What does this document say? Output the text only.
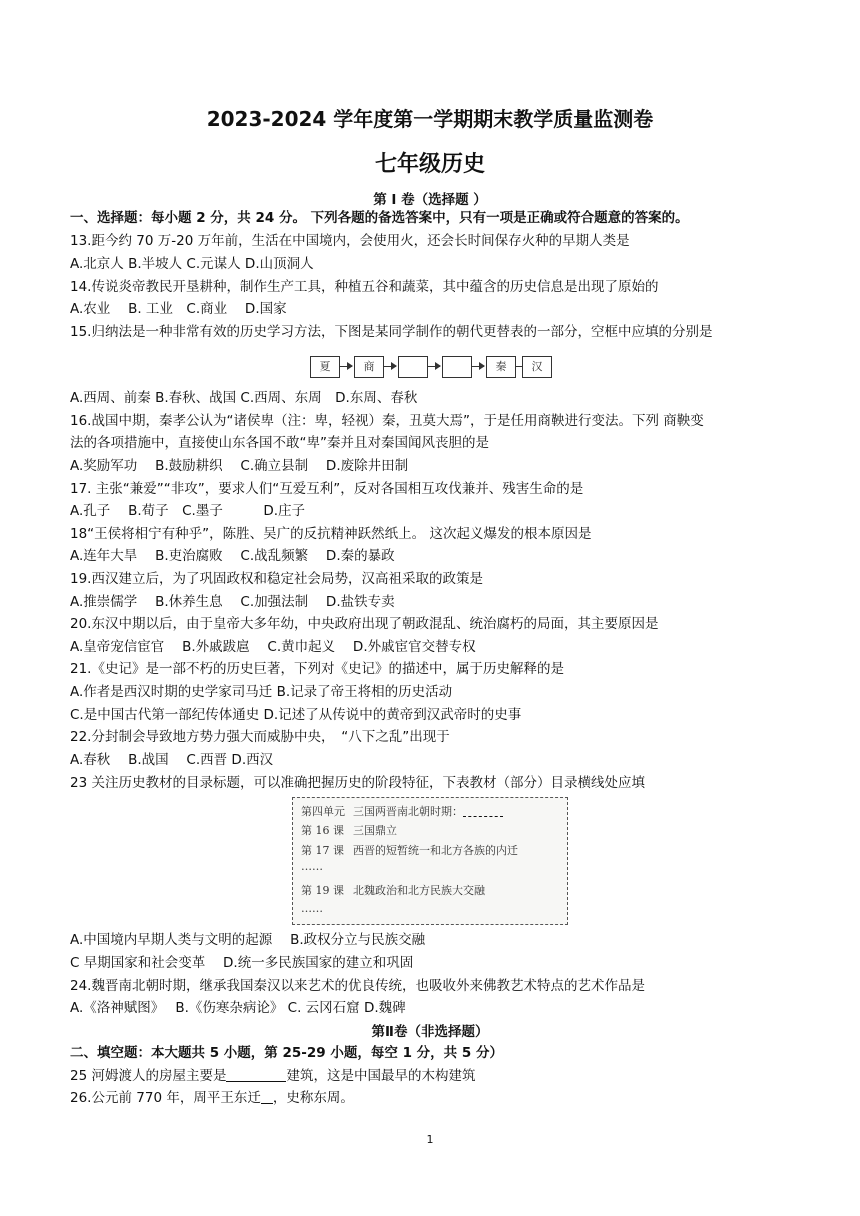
2023-2024 学年度第一学期期末教学质量监测卷
七年级历史
第 I 卷（选择题 ）
一、选择题：每小题 2 分，共 24 分。 下列各题的备选答案中，只有一项是正确或符合题意的答案的。
13.距今约 70 万-20 万年前，生活在中国境内，会使用火，还会长时间保存火种的早期人类是
A.北京人 B.半坡人 C.元谋人 D.山顶洞人
14.传说炎帝教民开垦耕种，制作生产工具，种植五谷和蔬菜，其中蕴含的历史信息是出现了原始的
A.农业　 B. 工业　C.商业　 D.国家
15.归纳法是一种非常有效的历史学习方法，下图是某同学制作的朝代更替表的一部分，空框中应填的分别是
夏	商	秦	汉
A.西周、前秦 B.春秋、战国 C.西周、东周　D.东周、春秋
16.战国中期，秦孝公认为“诸侯卑（注：卑，轻视）秦，丑莫大焉”，于是任用商鞅进行变法。下列 商鞅变
法的各项措施中，直接使山东各国不敢“卑”秦并且对秦国闻风丧胆的是
A.奖励军功　 B.鼓励耕织　 C.确立县制　 D.废除井田制
17. 主张“兼爱”“非攻”，要求人们“互爱互利”，反对各国相互攻伐兼并、残害生命的是
A.孔子　 B.荀子　C.墨子　　　D.庄子
18“王侯将相宁有种乎”，陈胜、吴广的反抗精神跃然纸上。 这次起义爆发的根本原因是
A.连年大旱　 B.吏治腐败　 C.战乱频繁　 D.秦的暴政
19.西汉建立后，为了巩固政权和稳定社会局势，汉高祖采取的政策是
A.推崇儒学　 B.休养生息　 C.加强法制　 D.盐铁专卖
20.东汉中期以后，由于皇帝大多年幼，中央政府出现了朝政混乱、统治腐朽的局面，其主要原因是
A.皇帝宠信宦官　 B.外戚跋扈　 C.黄巾起义　 D.外戚宦官交替专权
21.《史记》是一部不朽的历史巨著，下列对《史记》的描述中，属于历史解释的是
A.作者是西汉时期的史学家司马迁 B.记录了帝王将相的历史活动
C.是中国古代第一部纪传体通史 D.记述了从传说中的黄帝到汉武帝时的史事
22.分封制会导致地方势力强大而威胁中央，　“八下之乱”出现于
A.春秋　 B.战国　 C.西晋 D.西汉
23 关注历史教材的目录标题，可以准确把握历史的阶段特征，下表教材（部分）目录横线处应填
第四单元 三国两晋南北朝时期：
第 16 课 三国鼎立
第 17 课 西晋的短暂统一和北方各族的内迁
……
第 19 课 北魏政治和北方民族大交融
……
A.中国境内早期人类与文明的起源　 B.政权分立与民族交融
C 早期国家和社会变革　 D.统一多民族国家的建立和巩固
24.魏晋南北朝时期，继承我国秦汉以来艺术的优良传统，也吸收外来佛教艺术特点的艺术作品是
A.《洛神赋图》　 B.《伤寒杂病论》 C. 云冈石窟 D.魏碑
第Ⅱ卷（非选择题）
二、填空题：本大题共 5 小题，第 25-29 小题，每空 1 分，共 5 分）
25 河姆渡人的房屋主要是	建筑，这是中国最早的木构建筑
26.公元前 770 年，周平王东迁 ，史称东周。
1
